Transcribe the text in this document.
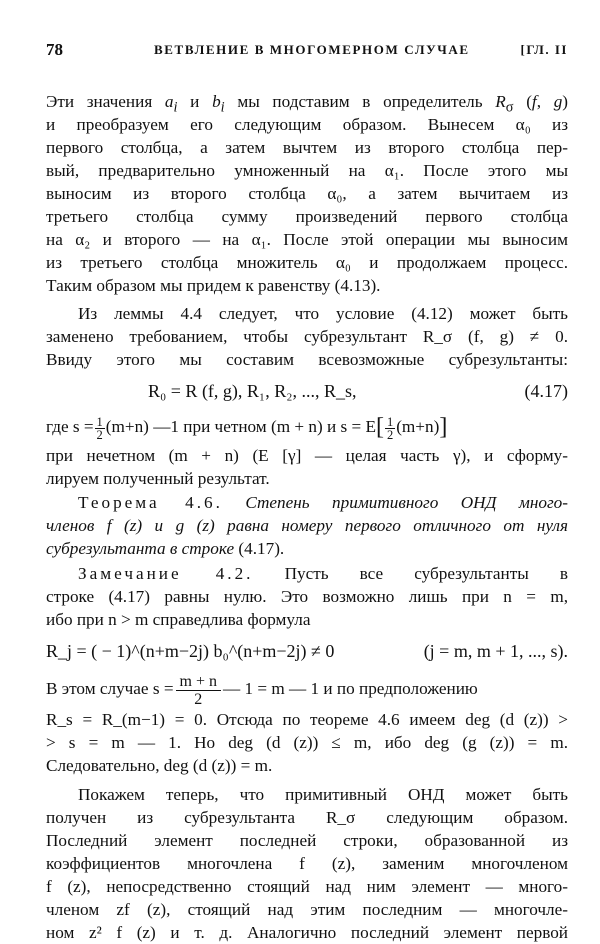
78	ВЕТВЛЕНИЕ В МНОГОМЕРНОМ СЛУЧАЕ	[ГЛ. II
Эти значения $a_i$ и $b_i$ мы подставим в определитель $R_\sigma$ (f, g)
и преобразуем его следующим образом. Вынесем α₀ из
первого столбца, а затем вычтем из второго столбца пер-
вый, предварительно умноженный на α₁. После этого мы
выносим из второго столбца α₀, а затем вычитаем из
третьего столбца сумму произведений первого столбца
на α₂ и второго — на α₁. После этой операции мы выносим
из третьего столбца множитель α₀ и продолжаем процесс.
Таким образом мы придем к равенству (4.13).
Из леммы 4.4 следует, что условие (4.12) может быть
заменено требованием, чтобы субрезультант R_σ (f, g) ≠ 0.
Ввиду этого мы составим всевозможные субрезультанты:
R₀ = R (f, g), R₁, R₂, ..., R_s,	(4.17)
где $s = \frac{1}{2} (m+n)$ —1 при четном (m + n) и $s = E[ \frac{1}{2} (m+n)]$
при нечетном (m + n) (E [γ] — целая часть γ), и сформу-
лируем полученный результат.
Теорема 4.6. Степень примитивного ОНД много-
членов f (z) и g (z) равна номеру первого отличного от нуля
субрезультанта в строке (4.17).
Замечание 4.2. Пусть все субрезультанты в
строке (4.17) равны нулю. Это возможно лишь при n = m,
ибо при n > m справедлива формула
R_j = ( − 1)^(n+m−2j) b₀^(n+m−2j) ≠ 0	(j = m, m + 1, ..., s).
В этом случае $s = \frac{m + n}{2}$ — 1 = m — 1 и по предположению
R_s = R_(m−1) = 0. Отсюда по теореме 4.6 имеем deg (d (z)) >
> s = m — 1. Но deg (d (z)) ≤ m, ибо deg (g (z)) = m.
Следовательно, deg (d (z)) = m.
Покажем теперь, что примитивный ОНД может быть
получен из субрезультанта R_σ следующим образом.
Последний элемент последней строки, образованной из
коэффициентов многочлена f (z), заменим многочленом
f (z), непосредственно стоящий над ним элемент — много-
членом zf (z), стоящий над этим последним — многочле-
ном z² f (z) и т. д. Аналогично последний элемент первой
